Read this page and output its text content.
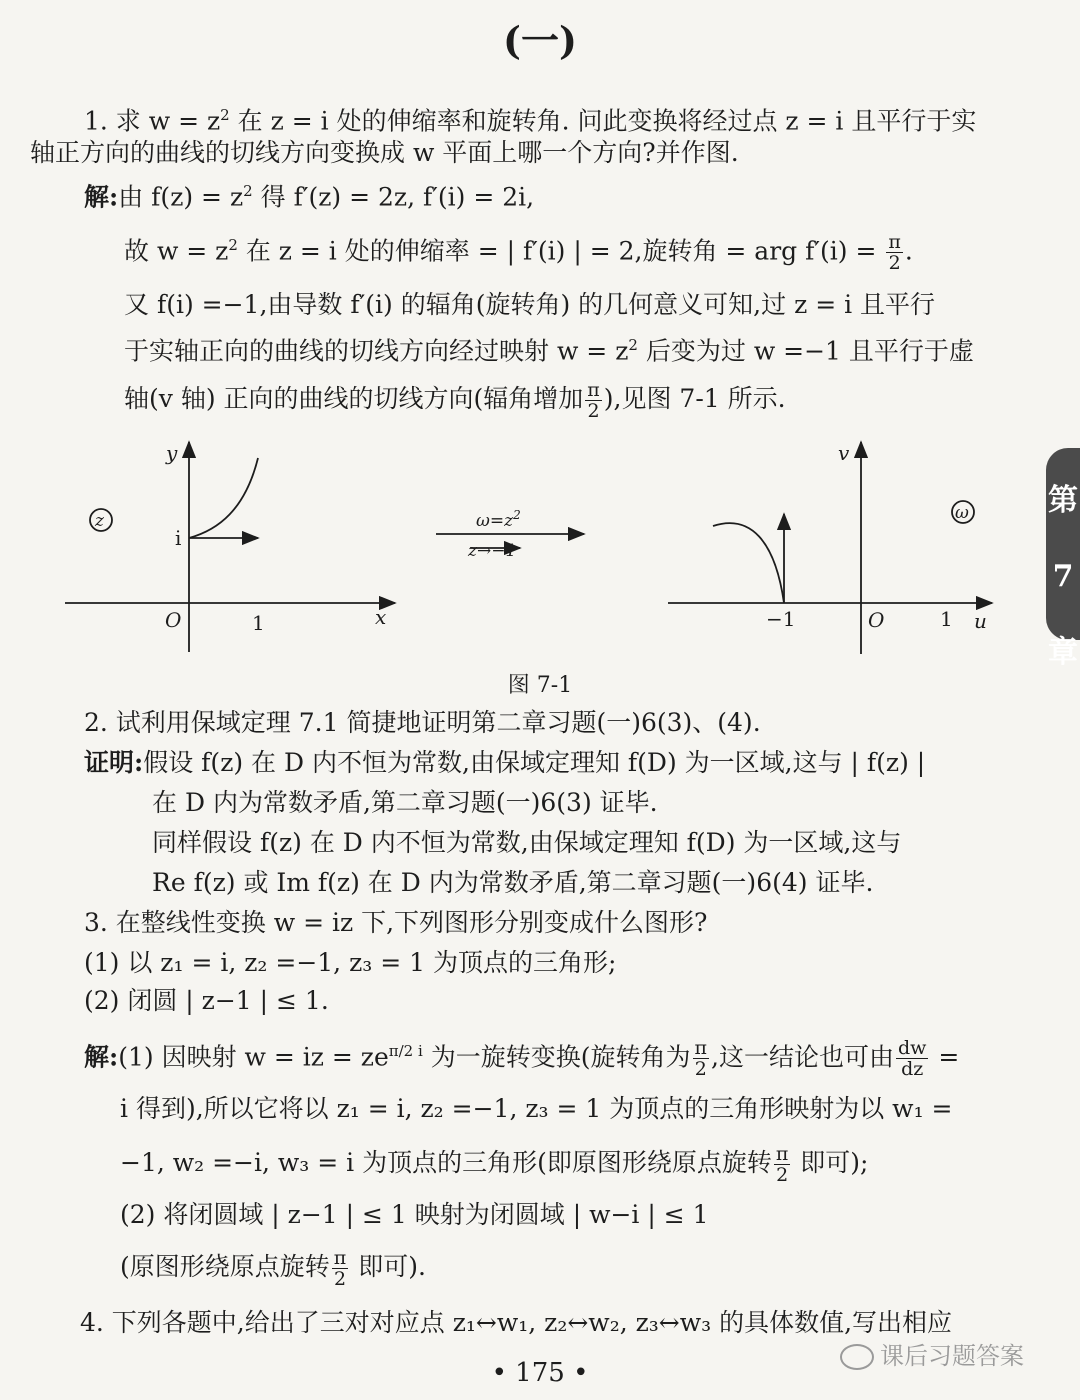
(一)
第
7
章
1. 求 $w = z^2$ 在 z = i 处的伸缩率和旋转角. 问此变换将经过点 z = i 且平行于实
轴正方向的曲线的切线方向变换成 w 平面上哪一个方向?并作图.
解:由 $f(z) = z^2$ 得 f′(z) = 2z, f′(i) = 2i,
故 $w = z^2$ 在 z = i 处的伸缩率 = | f′(i) | = 2,旋转角 = arg $f'(i) = \frac{\pi}{2}$ .
又 f(i) =−1,由导数 f′(i) 的辐角(旋转角) 的几何意义可知,过 z = i 且平行
于实轴正向的曲线的切线方向经过映射 $w = z^2$ 后变为过 w =−1 且平行于虚
轴(v 轴) 正向的曲线的切线方向(辐角增加 $\frac{\pi}{2}$ ),见图 7-1 所示.
z
y
x
O
i
1
$\omega=z^2$
z→−1
ω
v
u
O
−1	1
图 7-1
2. 试利用保域定理 7.1 简捷地证明第二章习题(一)6(3)、(4).
证明:假设 f(z) 在 D 内不恒为常数,由保域定理知 f(D) 为一区域,这与 | f(z) |
在 D 内为常数矛盾,第二章习题(一)6(3) 证毕.
同样假设 f(z) 在 D 内不恒为常数,由保域定理知 f(D) 为一区域,这与
Re f(z) 或 Im f(z) 在 D 内为常数矛盾,第二章习题(一)6(4) 证毕.
3. 在整线性变换 w = iz 下,下列图形分别变成什么图形?
(1) 以 z₁ = i, z₂ =−1, z₃ = 1 为顶点的三角形;
(2) 闭圆 | z−1 | ≤ 1.
解:(1) 因映射 w = iz = $ze^{\pi/2 i}$ 为一旋转变换(旋转角为 $\frac{\pi}{2}$ ,这一结论也可由 $\frac{dw}{dz}$ =
i 得到),所以它将以 z₁ = i, z₂ =−1, z₃ = 1 为顶点的三角形映射为以 w₁ =
−1, w₂ =−i, w₃ = i 为顶点的三角形(即原图形绕原点旋转 $\frac{\pi}{2}$ 即可);
(2) 将闭圆域 | z−1 | ≤ 1 映射为闭圆域 | w−i | ≤ 1
(原图形绕原点旋转 $\frac{\pi}{2}$ 即可).
4. 下列各题中,给出了三对对应点 z₁↔w₁, z₂↔w₂, z₃↔w₃ 的具体数值,写出相应
• 175 •
课后习题答案
